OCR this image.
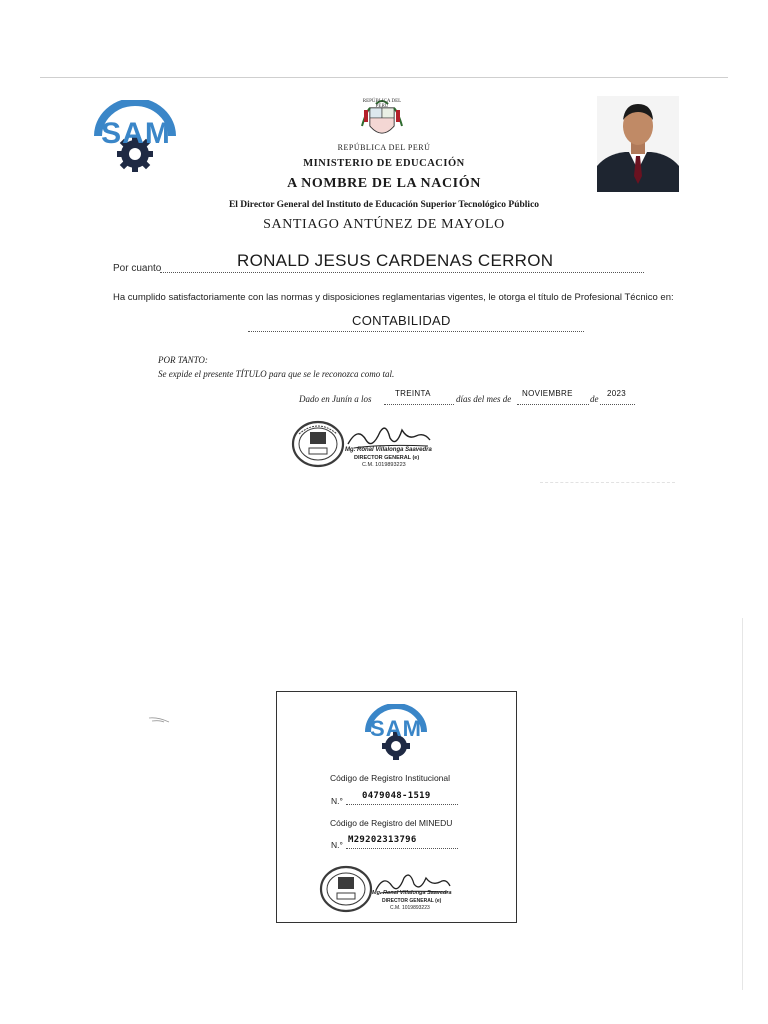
SAM
REPÚBLICA DEL PERÚ
REPÚBLICA DEL PERÚ
MINISTERIO DE EDUCACIÓN
A NOMBRE DE LA NACIÓN
El Director General del Instituto de Educación Superior Tecnológico Público
SANTIAGO ANTÚNEZ DE MAYOLO
Por cuanto	RONALD JESUS CARDENAS CERRON
Ha cumplido satisfactoriamente con las normas y disposiciones reglamentarias vigentes, le otorga el título de Profesional Técnico en:
CONTABILIDAD
POR TANTO:
Se expide el presente TÍTULO para que se le reconozca como tal.
Dado en Junín a los
TREINTA
días del mes de
NOVIEMBRE
de
2023
Mg. Ronal Villalonga Saavedra
DIRECTOR GENERAL (e)
C.M. 1019893223
SAM
Código de Registro Institucional
N.° 0479048-1519
Código de Registro del MINEDU
N.° M29202313796
Mg. Ronal Villalonga Saavedra
DIRECTOR GENERAL (e)
C.M. 1019893223
